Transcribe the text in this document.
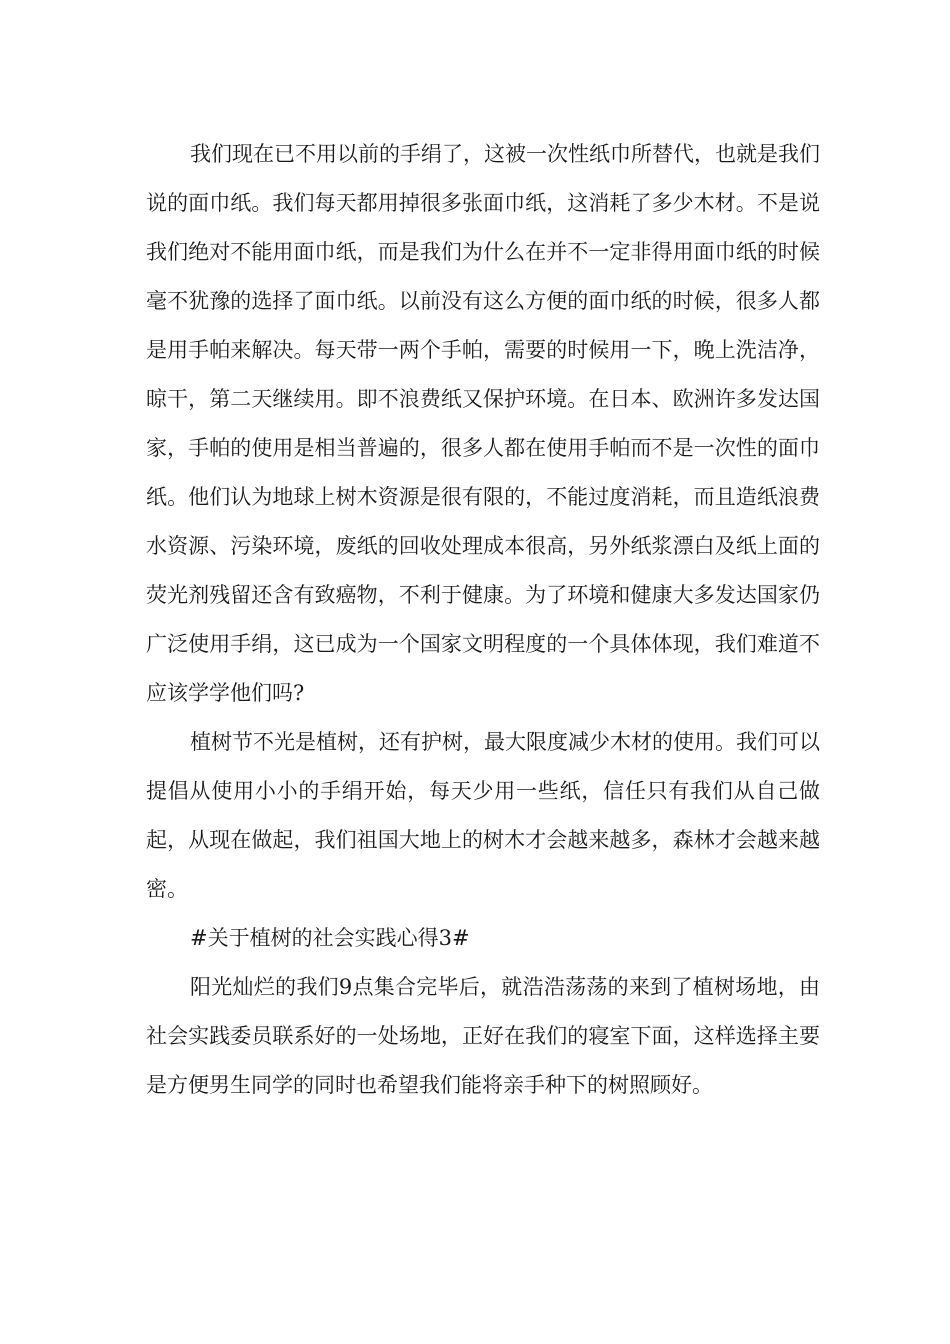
我们现在已不用以前的手绢了，这被一次性纸巾所替代，也就是我们说的面巾纸。我们每天都用掉很多张面巾纸，这消耗了多少木材。不是说我们绝对不能用面巾纸，而是我们为什么在并不一定非得用面巾纸的时候毫不犹豫的选择了面巾纸。以前没有这么方便的面巾纸的时候，很多人都是用手帕来解决。每天带一两个手帕，需要的时候用一下，晚上洗洁净，晾干，第二天继续用。即不浪费纸又保护环境。在日本、欧洲许多发达国家，手帕的使用是相当普遍的，很多人都在使用手帕而不是一次性的面巾纸。他们认为地球上树木资源是很有限的，不能过度消耗，而且造纸浪费水资源、污染环境，废纸的回收处理成本很高，另外纸浆漂白及纸上面的荧光剂残留还含有致癌物，不利于健康。为了环境和健康大多发达国家仍广泛使用手绢，这已成为一个国家文明程度的一个具体体现，我们难道不应该学学他们吗?

植树节不光是植树，还有护树，最大限度减少木材的使用。我们可以提倡从使用小小的手绢开始，每天少用一些纸，信任只有我们从自己做起，从现在做起，我们祖国大地上的树木才会越来越多，森林才会越来越密。

#关于植树的社会实践心得3#

阳光灿烂的我们9点集合完毕后，就浩浩荡荡的来到了植树场地，由社会实践委员联系好的一处场地，正好在我们的寝室下面，这样选择主要是方便男生同学的同时也希望我们能将亲手种下的树照顾好。
